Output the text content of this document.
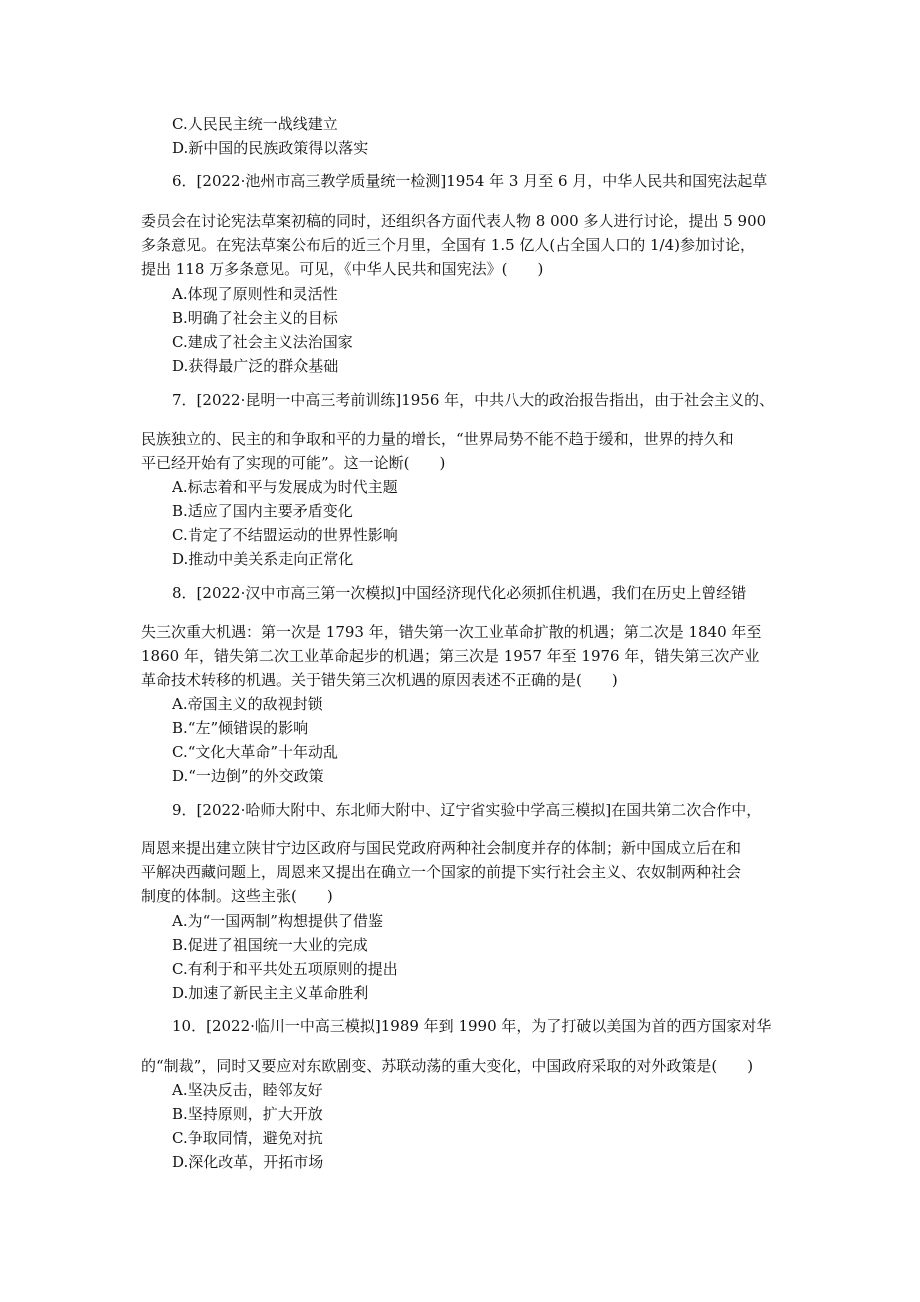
C.人民民主统一战线建立
D.新中国的民族政策得以落实
6．[2022·池州市高三教学质量统一检测]1954 年 3 月至 6 月，中华人民共和国宪法起草
委员会在讨论宪法草案初稿的同时，还组织各方面代表人物 8 000 多人进行讨论，提出 5 900
多条意见。在宪法草案公布后的近三个月里，全国有 1.5 亿人(占全国人口的 1/4)参加讨论，
提出 118 万多条意见。可见，《中华人民共和国宪法》(　　)
A.体现了原则性和灵活性
B.明确了社会主义的目标
C.建成了社会主义法治国家
D.获得最广泛的群众基础
7．[2022·昆明一中高三考前训练]1956 年，中共八大的政治报告指出，由于社会主义的、
民族独立的、民主的和争取和平的力量的增长，“世界局势不能不趋于缓和，世界的持久和
平已经开始有了实现的可能”。这一论断(　　)
A.标志着和平与发展成为时代主题
B.适应了国内主要矛盾变化
C.肯定了不结盟运动的世界性影响
D.推动中美关系走向正常化
8．[2022·汉中市高三第一次模拟]中国经济现代化必须抓住机遇，我们在历史上曾经错
失三次重大机遇：第一次是 1793 年，错失第一次工业革命扩散的机遇；第二次是 1840 年至
1860 年，错失第二次工业革命起步的机遇；第三次是 1957 年至 1976 年，错失第三次产业
革命技术转移的机遇。关于错失第三次机遇的原因表述不正确的是(　　)
A.帝国主义的敌视封锁
B.“左”倾错误的影响
C.“文化大革命”十年动乱
D.“一边倒”的外交政策
9．[2022·哈师大附中、东北师大附中、辽宁省实验中学高三模拟]在国共第二次合作中，
周恩来提出建立陕甘宁边区政府与国民党政府两种社会制度并存的体制；新中国成立后在和
平解决西藏问题上，周恩来又提出在确立一个国家的前提下实行社会主义、农奴制两种社会
制度的体制。这些主张(　　)
A.为“一国两制”构想提供了借鉴
B.促进了祖国统一大业的完成
C.有利于和平共处五项原则的提出
D.加速了新民主主义革命胜利
10．[2022·临川一中高三模拟]1989 年到 1990 年，为了打破以美国为首的西方国家对华
的“制裁”，同时又要应对东欧剧变、苏联动荡的重大变化，中国政府采取的对外政策是(　　)
A.坚决反击，睦邻友好
B.坚持原则，扩大开放
C.争取同情，避免对抗
D.深化改革，开拓市场
